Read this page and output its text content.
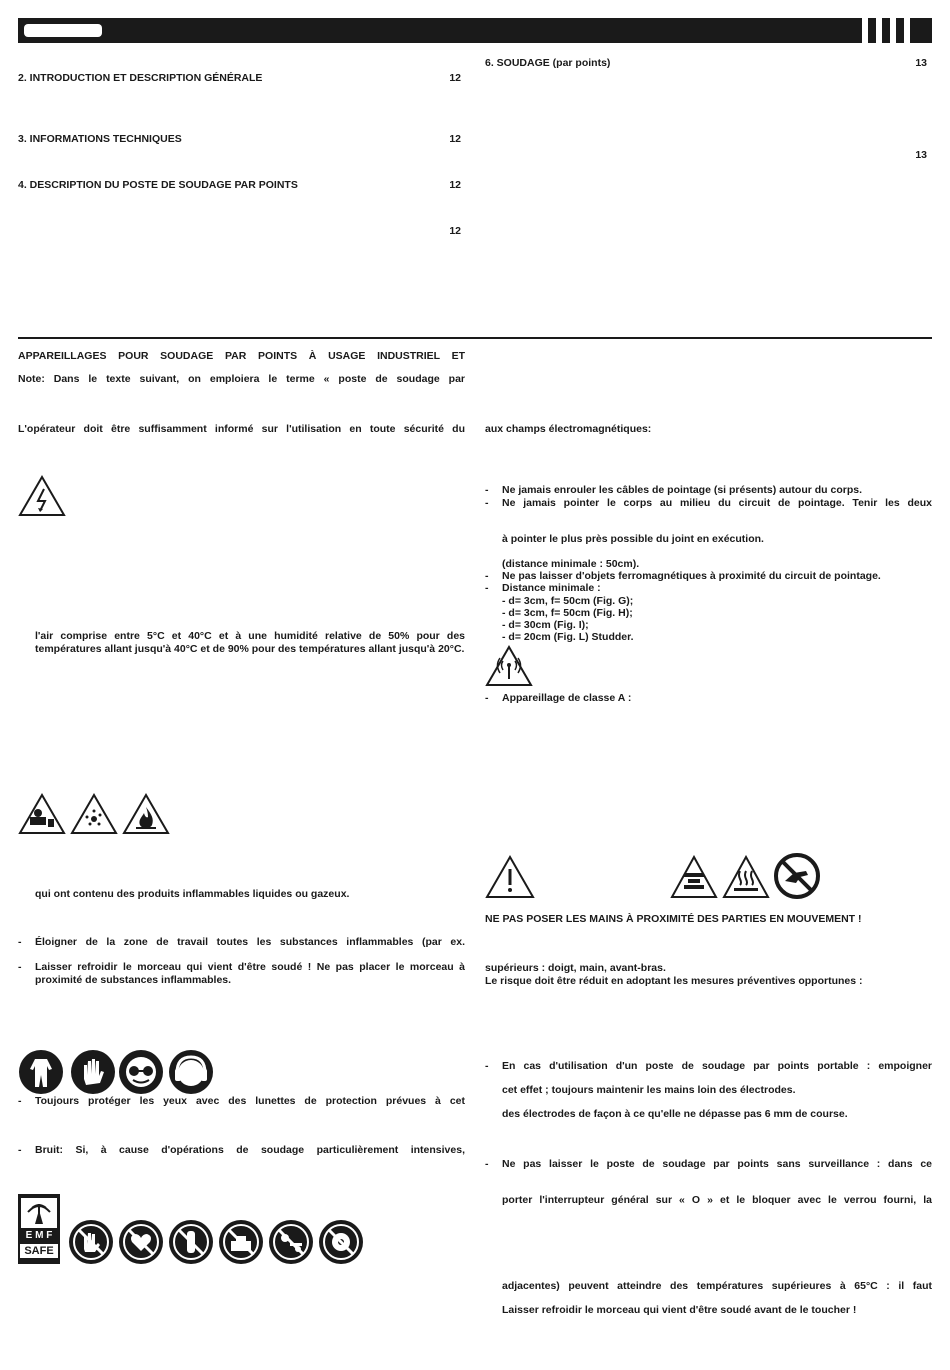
2. INTRODUCTION ET DESCRIPTION GÉNÉRALE	12
3. INFORMATIONS TECHNIQUES	12
4. DESCRIPTION DU POSTE DE SOUDAGE PAR POINTS	12
12
6. SOUDAGE (par points)	13
13
APPAREILLAGES POUR SOUDAGE PAR POINTS À USAGE INDUSTRIEL ET
Note: Dans le texte suivant, on emploiera le terme « poste de soudage par
L'opérateur doit être suffisamment informé sur l'utilisation en toute sécurité du
l'air comprise entre 5°C et 40°C et à une humidité relative de 50% pour des températures allant jusqu'à 40°C et de 90% pour des températures allant jusqu'à 20°C.
qui ont contenu des produits inflammables liquides ou gazeux.
- Éloigner de la zone de travail toutes les substances inflammables (par ex.
- Laisser refroidir le morceau qui vient d'être soudé ! Ne pas placer le morceau à proximité de substances inflammables.
- Toujours protéger les yeux avec des lunettes de protection prévues à cet
- Bruit: Si, à cause d'opérations de soudage particulièrement intensives,
E M F
SAFE
aux champs électromagnétiques:
- Ne jamais enrouler les câbles de pointage (si présents) autour du corps.
- Ne jamais pointer le corps au milieu du circuit de pointage. Tenir les deux
à pointer le plus près possible du joint en exécution.
(distance minimale : 50cm).
- Ne pas laisser d'objets ferromagnétiques à proximité du circuit de pointage.
- Distance minimale :
- d= 3cm, f= 50cm (Fig. G);
- d= 3cm, f= 50cm (Fig. H);
- d= 30cm (Fig. I);
- d= 20cm (Fig. L) Studder.
- Appareillage de classe A :
NE PAS POSER LES MAINS À PROXIMITÉ DES PARTIES EN MOUVEMENT !
supérieurs : doigt, main, avant-bras.
Le risque doit être réduit en adoptant les mesures préventives opportunes :
- En cas d'utilisation d'un poste de soudage par points portable : empoigner
cet effet ; toujours maintenir les mains loin des électrodes.
des électrodes de façon à ce qu'elle ne dépasse pas 6 mm de course.
- Ne pas laisser le poste de soudage par points sans surveillance : dans ce
porter l'interrupteur général sur « O » et le bloquer avec le verrou fourni, la
adjacentes) peuvent atteindre des températures supérieures à 65°C : il faut
Laisser refroidir le morceau qui vient d'être soudé avant de le toucher !
